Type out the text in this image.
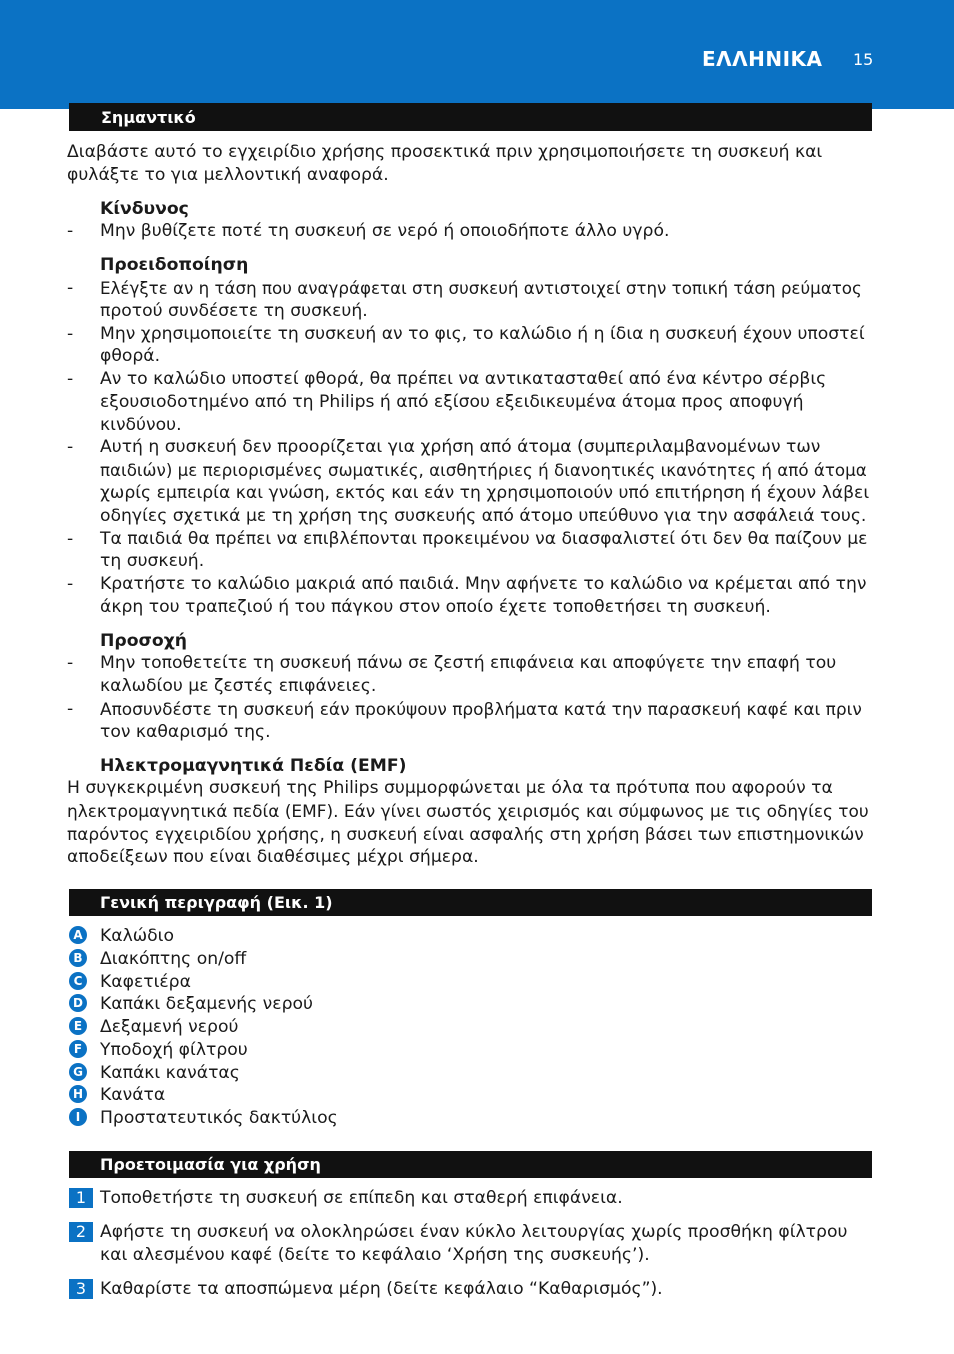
ΕΛΛΗΝΙΚΑ 15
Σημαντικό
Διαβάστε αυτό το εγχειρίδιο χρήσης προσεκτικά πριν χρησιμοποιήσετε τη συσκευή και
φυλάξτε το για μελλοντική αναφορά.
Κίνδυνος
- Μην βυθίζετε ποτέ τη συσκευή σε νερό ή οποιοδήποτε άλλο υγρό.
Προειδοποίηση
- Ελέγξτε αν η τάση που αναγράφεται στη συσκευή αντιστοιχεί στην τοπική τάση ρεύματος
προτού συνδέσετε τη συσκευή.
- Μην χρησιμοποιείτε τη συσκευή αν το φις, το καλώδιο ή η ίδια η συσκευή έχουν υποστεί
φθορά.
- Αν το καλώδιο υποστεί φθορά, θα πρέπει να αντικατασταθεί από ένα κέντρο σέρβις
εξουσιοδοτημένο από τη Philips ή από εξίσου εξειδικευμένα άτομα προς αποφυγή
κινδύνου.
- Αυτή η συσκευή δεν προορίζεται για χρήση από άτομα (συμπεριλαμβανομένων των
παιδιών) με περιορισμένες σωματικές, αισθητήριες ή διανοητικές ικανότητες ή από άτομα
χωρίς εμπειρία και γνώση, εκτός και εάν τη χρησιμοποιούν υπό επιτήρηση ή έχουν λάβει
οδηγίες σχετικά με τη χρήση της συσκευής από άτομο υπεύθυνο για την ασφάλειά τους.
- Τα παιδιά θα πρέπει να επιβλέπονται προκειμένου να διασφαλιστεί ότι δεν θα παίζουν με
τη συσκευή.
- Κρατήστε το καλώδιο μακριά από παιδιά. Μην αφήνετε το καλώδιο να κρέμεται από την
άκρη του τραπεζιού ή του πάγκου στον οποίο έχετε τοποθετήσει τη συσκευή.
Προσοχή
- Μην τοποθετείτε τη συσκευή πάνω σε ζεστή επιφάνεια και αποφύγετε την επαφή του
καλωδίου με ζεστές επιφάνειες.
- Αποσυνδέστε τη συσκευή εάν προκύψουν προβλήματα κατά την παρασκευή καφέ και πριν
τον καθαρισμό της.
Ηλεκτρομαγνητικά Πεδία (EMF)
Η συγκεκριμένη συσκευή της Philips συμμορφώνεται με όλα τα πρότυπα που αφορούν τα
ηλεκτρομαγνητικά πεδία (EMF). Εάν γίνει σωστός χειρισμός και σύμφωνος με τις οδηγίες του
παρόντος εγχειριδίου χρήσης, η συσκευή είναι ασφαλής στη χρήση βάσει των επιστημονικών
αποδείξεων που είναι διαθέσιμες μέχρι σήμερα.
Γενική περιγραφή (Εικ. 1)
A Καλώδιο
B Διακόπτης on/off
C Καφετιέρα
D Καπάκι δεξαμενής νερού
E Δεξαμενή νερού
F Υποδοχή φίλτρου
G Καπάκι κανάτας
H Κανάτα
I	Προστατευτικός δακτύλιος
Προετοιμασία για χρήση
1 Τοποθετήστε τη συσκευή σε επίπεδη και σταθερή επιφάνεια.
2 Αφήστε τη συσκευή να ολοκληρώσει έναν κύκλο λειτουργίας χωρίς προσθήκη φίλτρου
και αλεσμένου καφέ (δείτε το κεφάλαιο ‘Χρήση της συσκευής’).
3 Καθαρίστε τα αποσπώμενα μέρη (δείτε κεφάλαιο “Καθαρισμός”).
